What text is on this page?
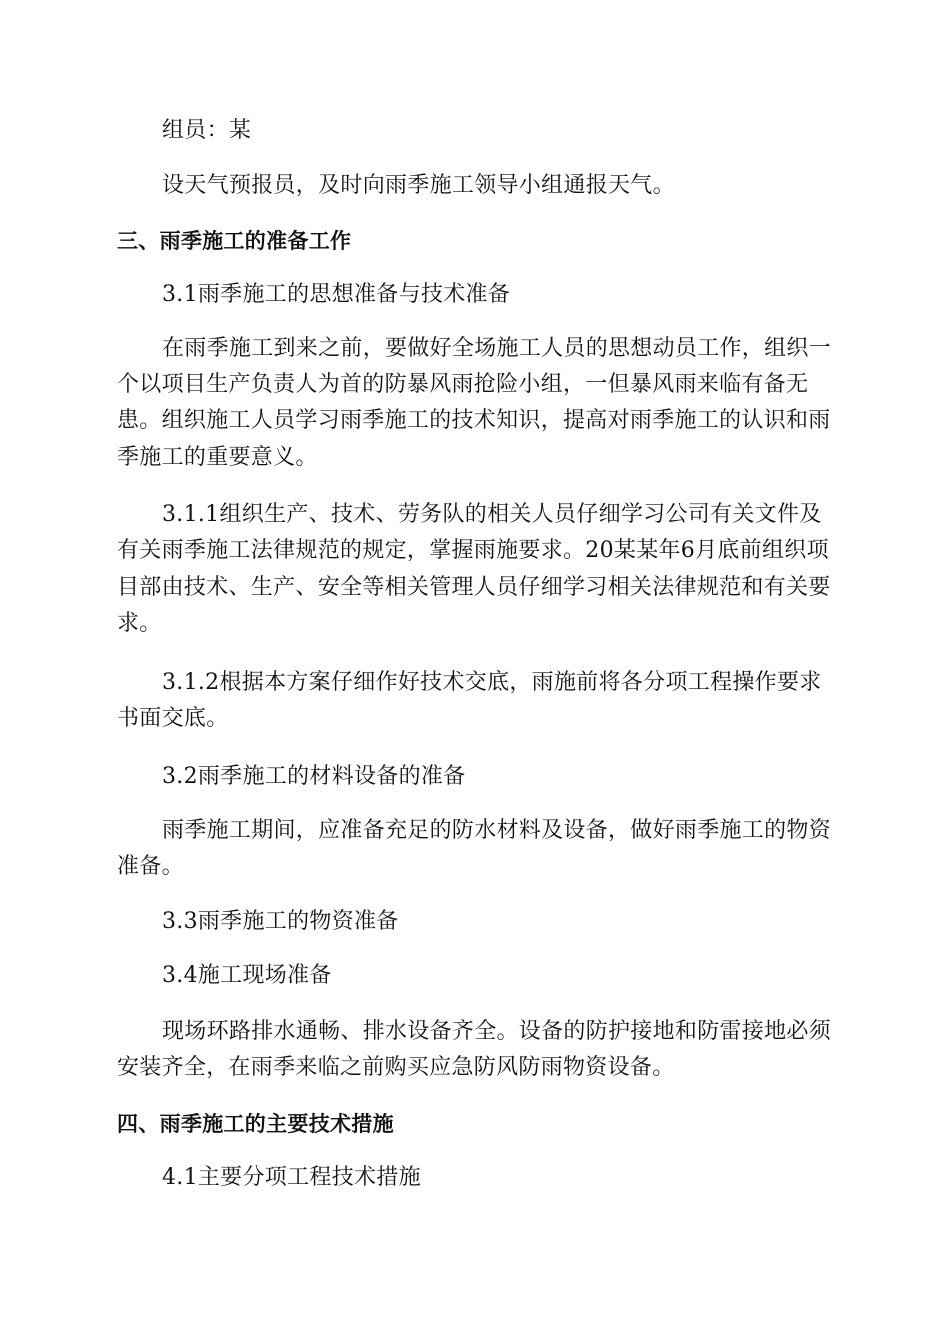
组员：某
设天气预报员，及时向雨季施工领导小组通报天气。
三、雨季施工的准备工作
3.1雨季施工的思想准备与技术准备
在雨季施工到来之前，要做好全场施工人员的思想动员工作，组织一
个以项目生产负责人为首的防暴风雨抢险小组，一但暴风雨来临有备无
患。组织施工人员学习雨季施工的技术知识，提高对雨季施工的认识和雨
季施工的重要意义。
3.1.1组织生产、技术、劳务队的相关人员仔细学习公司有关文件及
有关雨季施工法律规范的规定，掌握雨施要求。20某某年6月底前组织项
目部由技术、生产、安全等相关管理人员仔细学习相关法律规范和有关要
求。
3.1.2根据本方案仔细作好技术交底，雨施前将各分项工程操作要求
书面交底。
3.2雨季施工的材料设备的准备
雨季施工期间，应准备充足的防水材料及设备，做好雨季施工的物资
准备。
3.3雨季施工的物资准备
3.4施工现场准备
现场环路排水通畅、排水设备齐全。设备的防护接地和防雷接地必须
安装齐全，在雨季来临之前购买应急防风防雨物资设备。
四、雨季施工的主要技术措施
4.1主要分项工程技术措施
